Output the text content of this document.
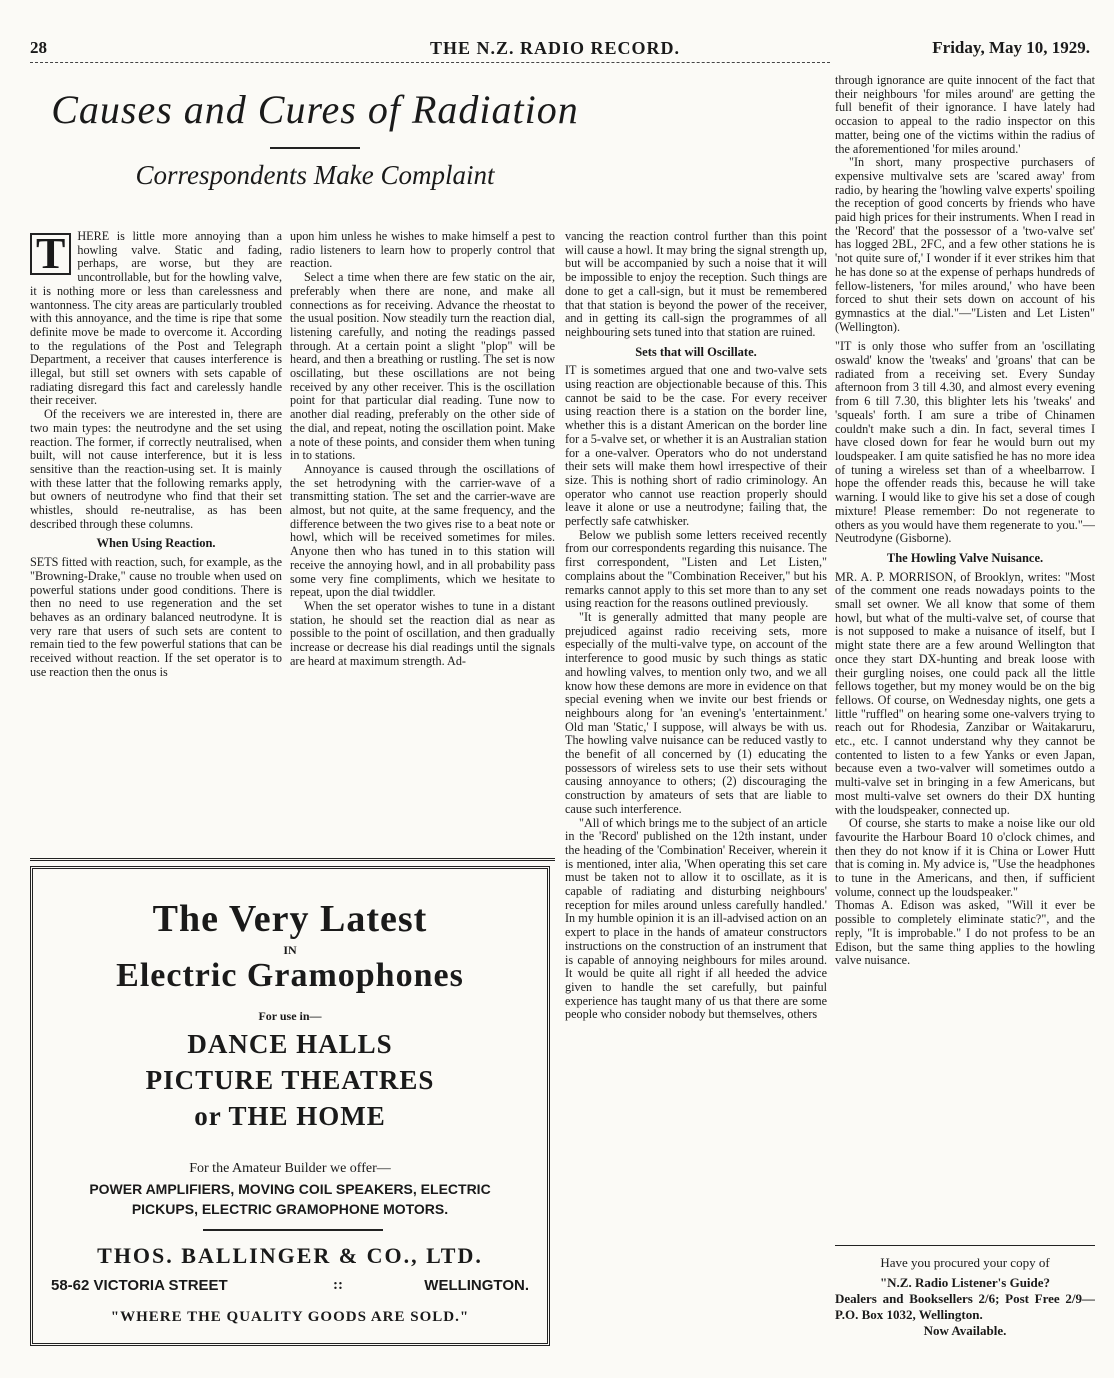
28	THE N.Z. RADIO RECORD.	Friday, May 10, 1929.
Causes and Cures of Radiation
Correspondents Make Complaint
T HERE is little more annoying than a howling valve. Static and fading, perhaps, are worse, but they are uncontrollable, but for the howling valve, it is nothing more or less than carelessness and wantonness. The city areas are particularly troubled with this annoyance, and the time is ripe that some definite move be made to overcome it. According to the regulations of the Post and Telegraph Department, a receiver that causes interference is illegal, but still set owners with sets capable of radiating disregard this fact and carelessly handle their receiver.

Of the receivers we are interested in, there are two main types: the neutrodyne and the set using reaction. The former, if correctly neutralised, when built, will not cause interference, but it is less sensitive than the reaction-using set. It is mainly with these latter that the following remarks apply, but owners of neutrodyne who find that their set whistles, should re-neutralise, as has been described through these columns.

When Using Reaction.

SETS fitted with reaction, such, for example, as the "Browning-Drake," cause no trouble when used on powerful stations under good conditions. There is then no need to use regeneration and the set behaves as an ordinary balanced neutrodyne. It is very rare that users of such sets are content to remain tied to the few powerful stations that can be received without reaction. If the set operator is to use reaction then the onus is

upon him unless he wishes to make himself a pest to radio listeners to learn how to properly control that reaction.

Select a time when there are few static on the air, preferably when there are none, and make all connections as for receiving. Advance the rheostat to the usual position. Now steadily turn the reaction dial, listening carefully, and noting the readings passed through. At a certain point a slight "plop" will be heard, and then a breathing or rustling. The set is now oscillating, but these oscillations are not being received by any other receiver. This is the oscillation point for that particular dial reading. Tune now to another dial reading, preferably on the other side of the dial, and repeat, noting the oscillation point. Make a note of these points, and consider them when tuning in to stations.

Annoyance is caused through the oscillations of the set hetrodyning with the carrier-wave of a transmitting station. The set and the carrier-wave are almost, but not quite, at the same frequency, and the difference between the two gives rise to a beat note or howl, which will be received sometimes for miles. Anyone then who has tuned in to this station will receive the annoying howl, and in all probability pass some very fine compliments, which we hesitate to repeat, upon the dial twiddler.

When the set operator wishes to tune in a distant station, he should set the reaction dial as near as possible to the point of oscillation, and then gradually increase or decrease his dial readings until the signals are heard at maximum strength. Ad-

vancing the reaction control further than this point will cause a howl. It may bring the signal strength up, but will be accompanied by such a noise that it will be impossible to enjoy the reception. Such things are done to get a call-sign, but it must be remembered that that station is beyond the power of the receiver, and in getting its call-sign the programmes of all neighbouring sets tuned into that station are ruined.

Sets that will Oscillate.

IT is sometimes argued that one and two-valve sets using reaction are objectionable because of this. This cannot be said to be the case. For every receiver using reaction there is a station on the border line, whether this is a distant American on the border line for a 5-valve set, or whether it is an Australian station for a one-valver. Operators who do not understand their sets will make them howl irrespective of their size. This is nothing short of radio criminology. An operator who cannot use reaction properly should leave it alone or use a neutrodyne; failing that, the perfectly safe catwhisker.

Below we publish some letters received recently from our correspondents regarding this nuisance. The first correspondent, "Listen and Let Listen," complains about the "Combination Receiver," but his remarks cannot apply to this set more than to any set using reaction for the reasons outlined previously.

"It is generally admitted that many people are prejudiced against radio receiving sets, more especially of the multi-valve type, on account of the interference to good music by such things as static and howling valves, to mention only two, and we all know how these demons are more in evidence on that special evening when we invite our best friends or neighbours along for 'an evening's 'entertainment.' Old man 'Static,' I suppose, will always be with us. The howling valve nuisance can be reduced vastly to the benefit of all concerned by (1) educating the possessors of wireless sets to use their sets without causing annoyance to others; (2) discouraging the construction by amateurs of sets that are liable to cause such interference.

"All of which brings me to the subject of an article in the 'Record' published on the 12th instant, under the heading of the 'Combination' Receiver, wherein it is mentioned, inter alia, 'When operating this set care must be taken not to allow it to oscillate, as it is capable of radiating and disturbing neighbours' reception for miles around unless carefully handled.' In my humble opinion it is an ill-advised action on an expert to place in the hands of amateur constructors instructions on the construction of an instrument that is capable of annoying neighbours for miles around. It would be quite all right if all heeded the advice given to handle the set carefully, but painful experience has taught many of us that there are some people who consider nobody but themselves, others

through ignorance are quite innocent of the fact that their neighbours 'for miles around' are getting the full benefit of their ignorance. I have lately had occasion to appeal to the radio inspector on this matter, being one of the victims within the radius of the aforementioned 'for miles around.'

"In short, many prospective purchasers of expensive multivalve sets are 'scared away' from radio, by hearing the 'howling valve experts' spoiling the reception of good concerts by friends who have paid high prices for their instruments. When I read in the 'Record' that the possessor of a 'two-valve set' has logged 2BL, 2FC, and a few other stations he is 'not quite sure of,' I wonder if it ever strikes him that he has done so at the expense of perhaps hundreds of fellow-listeners, 'for miles around,' who have been forced to shut their sets down on account of his gymnastics at the dial."—"Listen and Let Listen" (Wellington).

"IT is only those who suffer from an 'oscillating oswald' know the 'tweaks' and 'groans' that can be radiated from a receiving set. Every Sunday afternoon from 3 till 4.30, and almost every evening from 6 till 7.30, this blighter lets his 'tweaks' and 'squeals' forth. I am sure a tribe of Chinamen couldn't make such a din. In fact, several times I have closed down for fear he would burn out my loudspeaker. I am quite satisfied he has no more idea of tuning a wireless set than of a wheelbarrow. I hope the offender reads this, because he will take warning. I would like to give his set a dose of cough mixture! Please remember: Do not regenerate to others as you would have them regenerate to you."—Neutrodyne (Gisborne).

The Howling Valve Nuisance.

MR. A. P. MORRISON, of Brooklyn, writes: "Most of the comment one reads nowadays points to the small set owner. We all know that some of them howl, but what of the multi-valve set, of course that is not supposed to make a nuisance of itself, but I might state there are a few around Wellington that once they start DX-hunting and break loose with their gurgling noises, one could pack all the little fellows together, but my money would be on the big fellows. Of course, on Wednesday nights, one gets a little "ruffled" on hearing some one-valvers trying to reach out for Rhodesia, Zanzibar or Waitakaruru, etc., etc. I cannot understand why they cannot be contented to listen to a few Yanks or even Japan, because even a two-valver will sometimes outdo a multi-valve set in bringing in a few Americans, but most multi-valve set owners do their DX hunting with the loudspeaker, connected up.

Of course, she starts to make a noise like our old favourite the Harbour Board 10 o'clock chimes, and then they do not know if it is China or Lower Hutt that is coming in. My advice is, "Use the headphones to tune in the Americans, and then, if sufficient volume, connect up the loudspeaker."

Thomas A. Edison was asked, "Will it ever be possible to completely eliminate static?", and the reply, "It is improbable." I do not profess to be an Edison, but the same thing applies to the howling valve nuisance.

Have you procured your copy of
"N.Z. Radio Listener's Guide?
Dealers and Booksellers 2/6; Post Free 2/9—P.O. Box 1032, Wellington.
Now Available.
The Very Latest
IN
Electric Gramophones
For use in—
DANCE HALLS
PICTURE THEATRES
or THE HOME
For the Amateur Builder we offer—
POWER AMPLIFIERS, MOVING COIL SPEAKERS, ELECTRIC
PICKUPS, ELECTRIC GRAMOPHONE MOTORS.
THOS. BALLINGER & CO., LTD.
58-62 VICTORIA STREET	::	WELLINGTON.
"WHERE THE QUALITY GOODS ARE SOLD."
